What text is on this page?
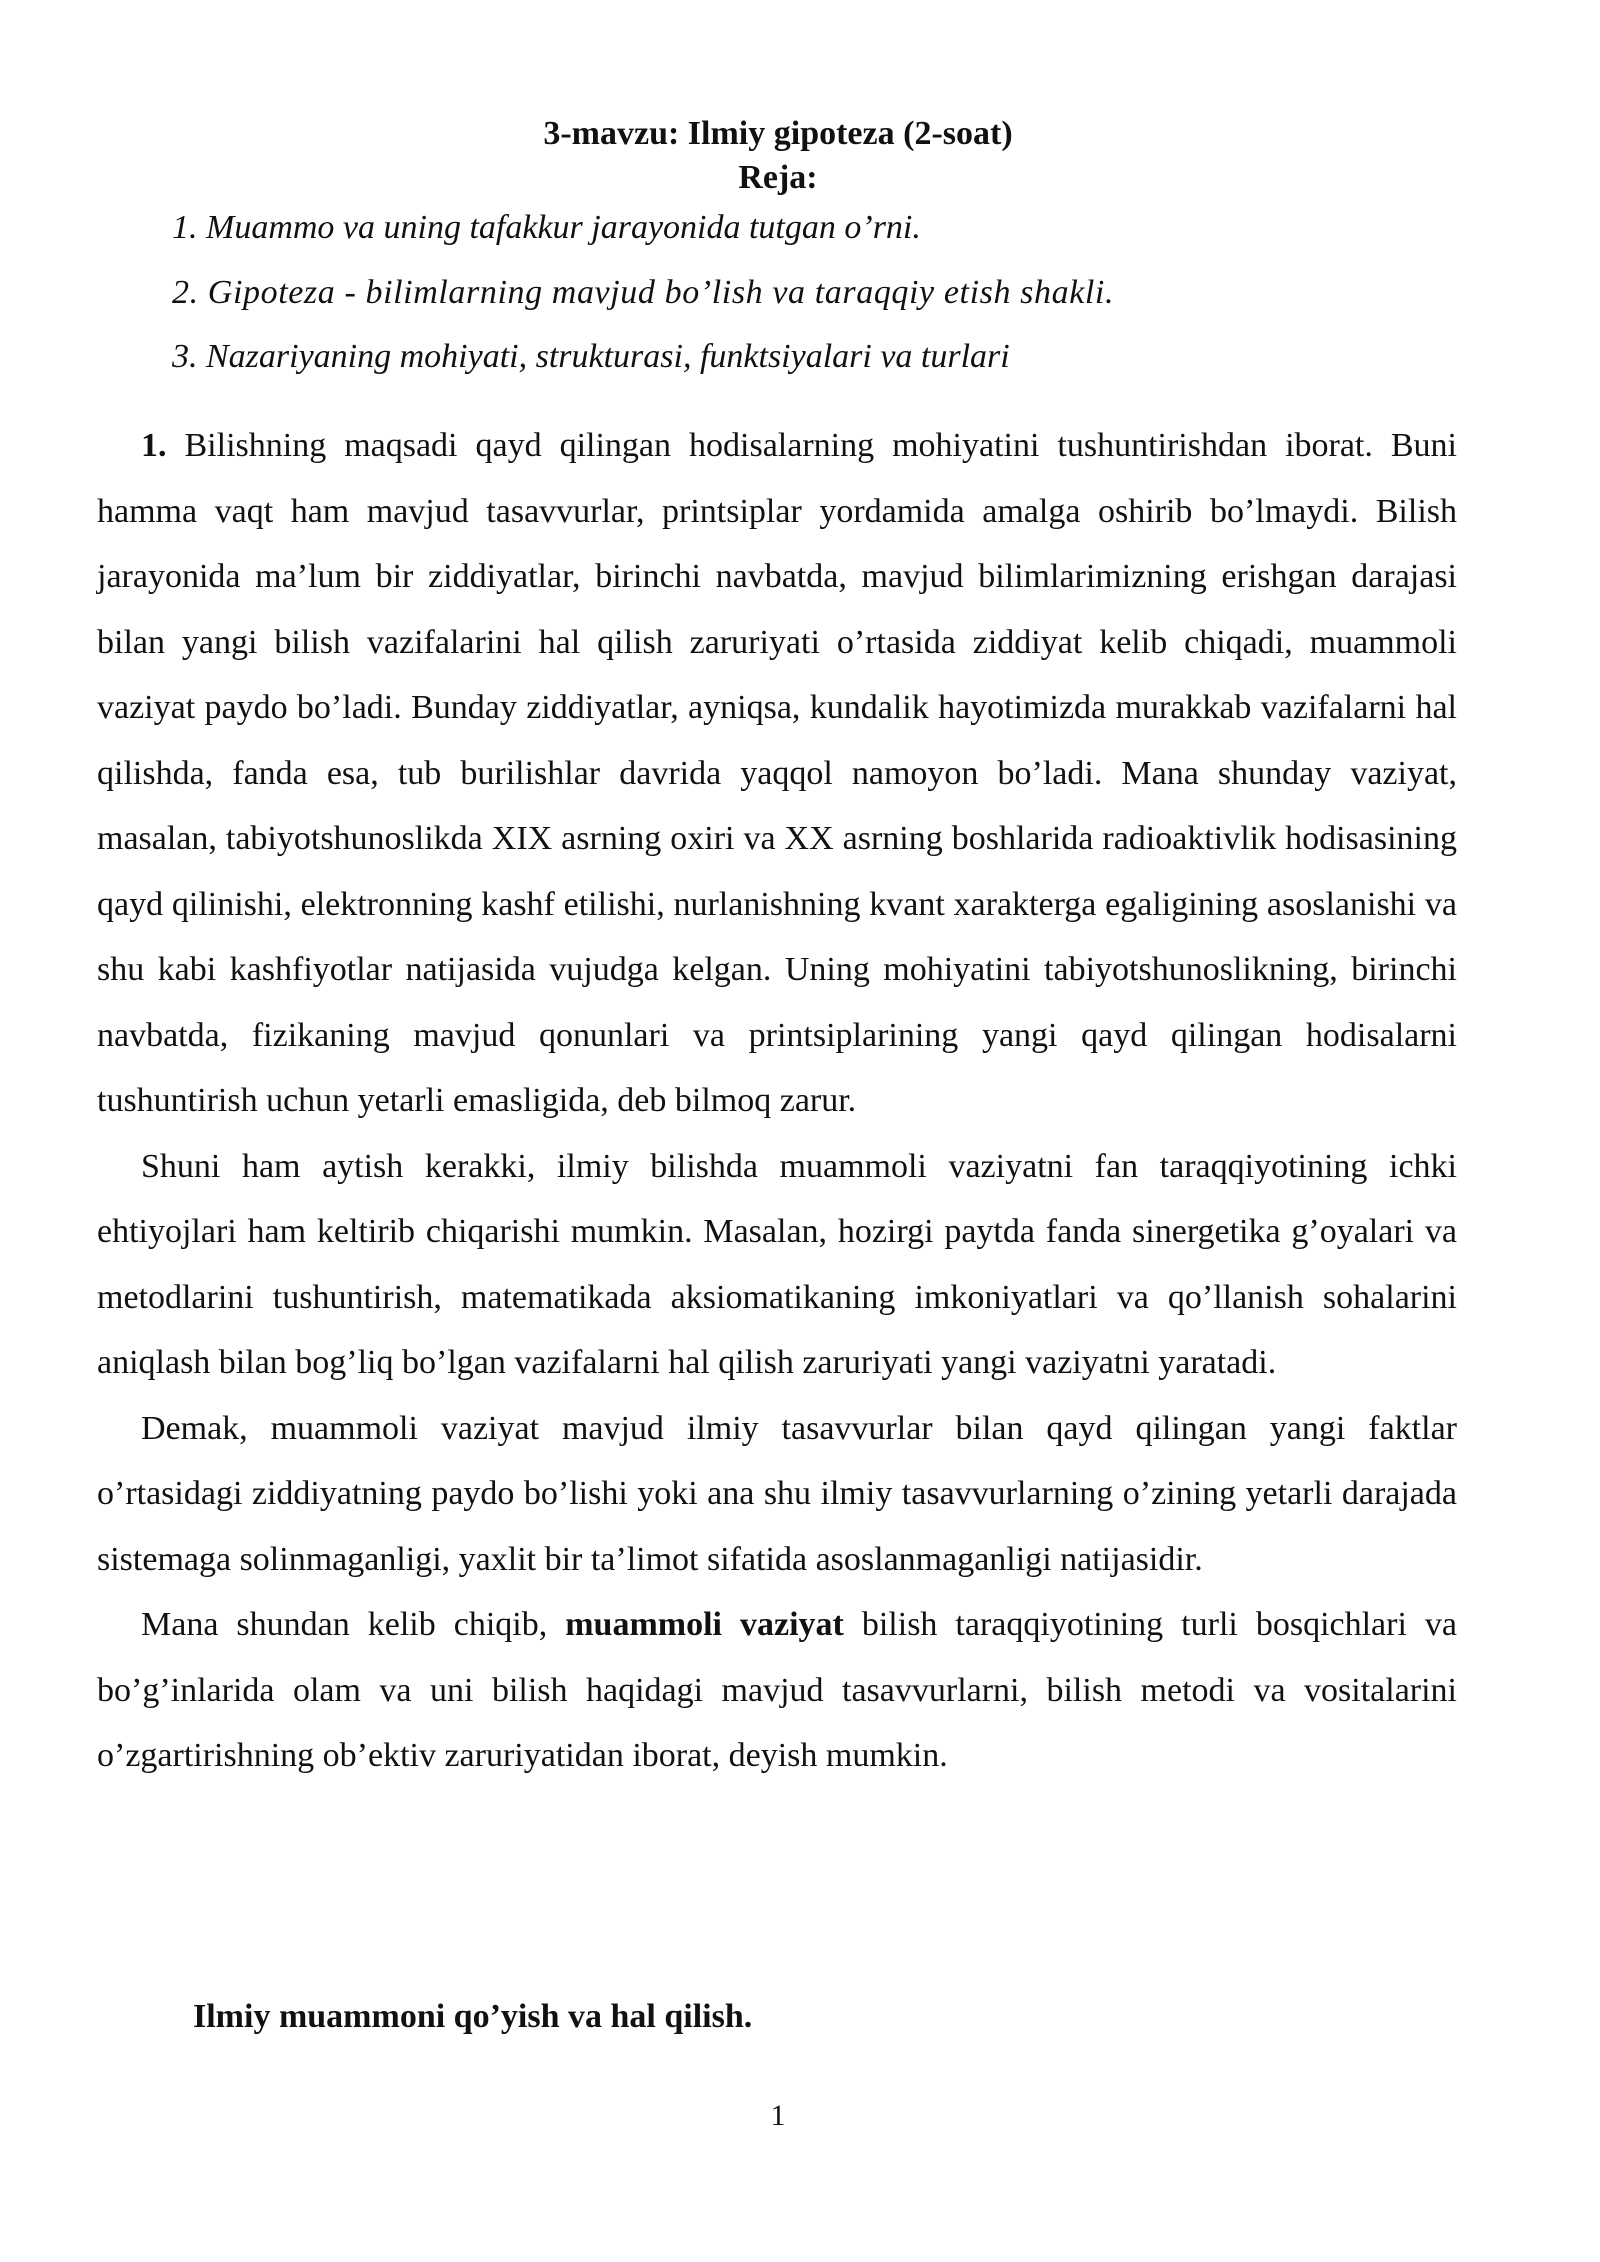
3-mavzu: Ilmiy gipoteza (2-soat)
Reja:
1. Muammo va uning tafakkur jarayonida tutgan o’rni.
2. Gipoteza - bilimlarning mavjud bo’lish va taraqqiy etish shakli.
3. Nazariyaning mohiyati, strukturasi, funktsiyalari va turlari

1. Bilishning maqsadi qayd qilingan hodisalarning mohiyatini tushuntirishdan iborat. Buni hamma vaqt ham mavjud tasavvurlar, printsiplar yordamida amalga oshirib bo’lmaydi. Bilish jarayonida ma’lum bir ziddiyatlar, birinchi navbatda, mavjud bilimlarimizning erishgan darajasi bilan yangi bilish vazifalarini hal qilish zaruriyati o’rtasida ziddiyat kelib chiqadi, muammoli vaziyat paydo bo’ladi. Bunday ziddiyatlar, ayniqsa, kundalik hayotimizda murakkab vazifalarni hal qilishda, fanda esa, tub burilishlar davrida yaqqol namoyon bo’ladi. Mana shunday vaziyat, masalan, tabiyotshunoslikda XIX asrning oxiri va XX asrning boshlarida radioaktivlik hodisasining qayd qilinishi, elektronning kashf etilishi, nurlanishning kvant xarakterga egaligining asoslanishi va shu kabi kashfiyotlar natijasida vujudga kelgan. Uning mohiyatini tabiyotshunoslikning, birinchi navbatda, fizikaning mavjud qonunlari va printsiplarining yangi qayd qilingan hodisalarni tushuntirish uchun yetarli emasligida, deb bilmoq zarur.

Shuni ham aytish kerakki, ilmiy bilishda muammoli vaziyatni fan taraqqiyotining ichki ehtiyojlari ham keltirib chiqarishi mumkin. Masalan, hozirgi paytda fanda sinergetika g’oyalari va metodlarini tushuntirish, matematikada aksiomatikaning imkoniyatlari va qo’llanish sohalarini aniqlash bilan bog’liq bo’lgan vazifalarni hal qilish zaruriyati yangi vaziyatni yaratadi.

Demak, muammoli vaziyat mavjud ilmiy tasavvurlar bilan qayd qilingan yangi faktlar o’rtasidagi ziddiyatning paydo bo’lishi yoki ana shu ilmiy tasavvurlarning o’zining yetarli darajada sistemaga solinmaganligi, yaxlit bir ta’limot sifatida asoslanmaganligi natijasidir.

Mana shundan kelib chiqib, muammoli vaziyat bilish taraqqiyotining turli bosqichlari va bo’g’inlarida olam va uni bilish haqidagi mavjud tasavvurlarni, bilish metodi va vositalarini o’zgartirishning ob’ektiv zaruriyatidan iborat, deyish mumkin.

Ilmiy muammoni qo’yish va hal qilish.
1
